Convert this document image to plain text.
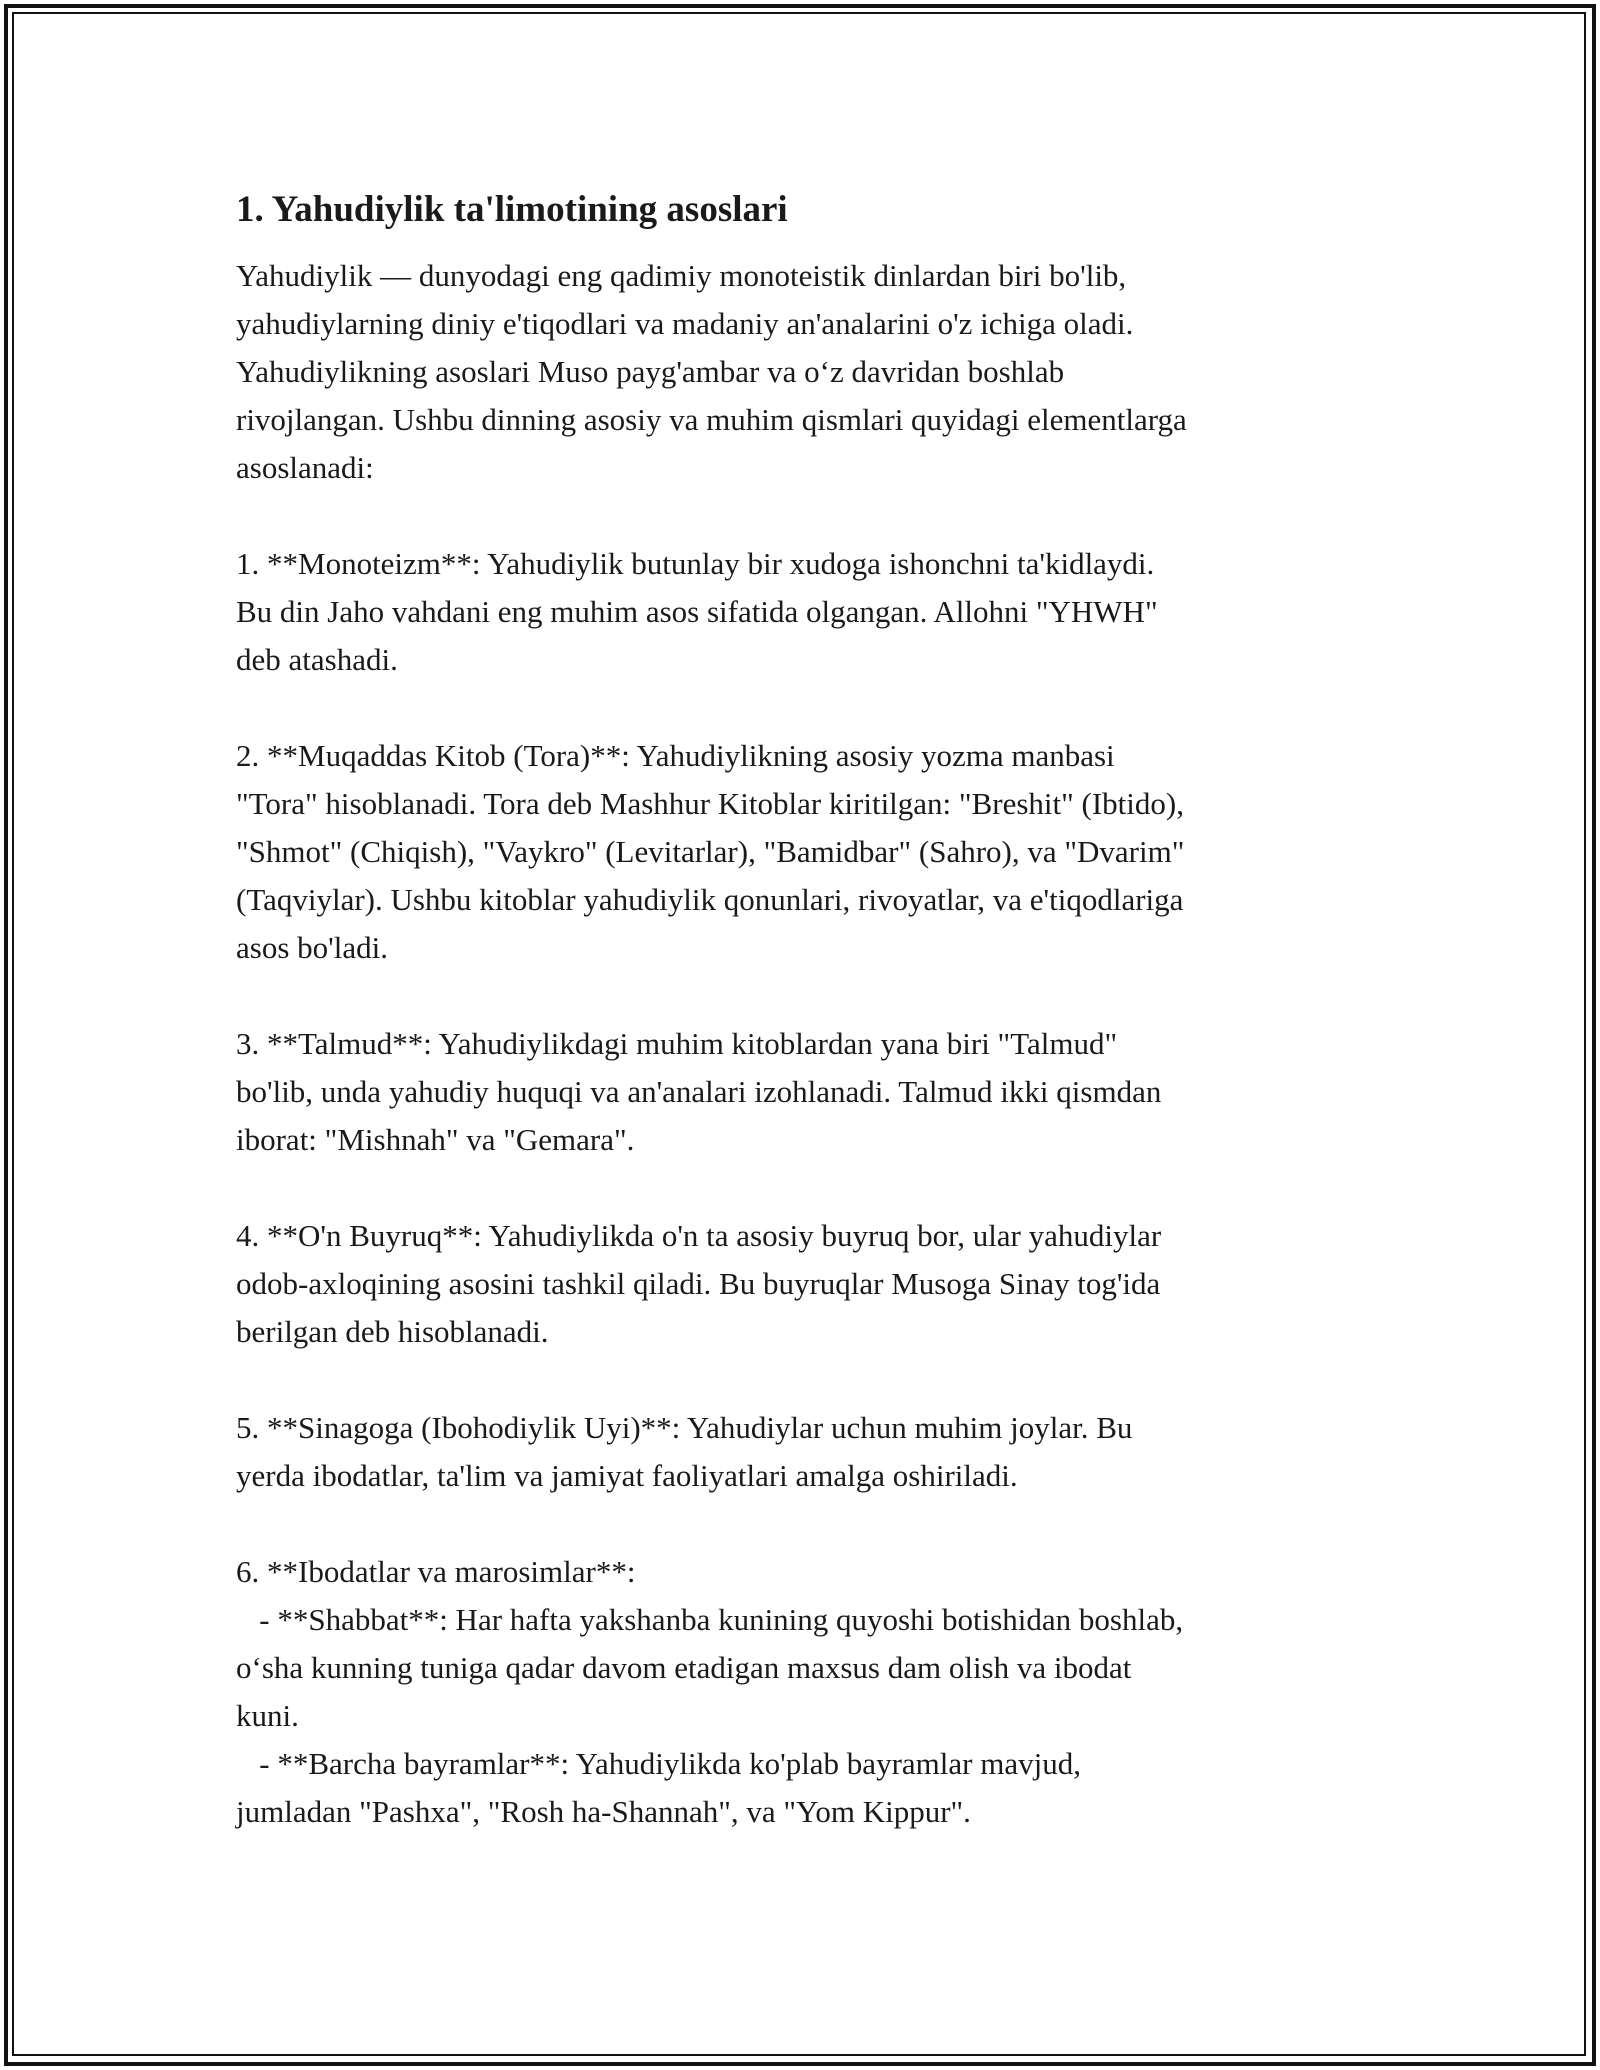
1. Yahudiylik ta'limotining asoslari

Yahudiylik — dunyodagi eng qadimiy monoteistik dinlardan biri bo'lib,
yahudiylarning diniy e'tiqodlari va madaniy an'analarini o'z ichiga oladi.
Yahudiylikning asoslari Muso payg'ambar va o‘z davridan boshlab
rivojlangan. Ushbu dinning asosiy va muhim qismlari quyidagi elementlarga
asoslanadi:

1. **Monoteizm**: Yahudiylik butunlay bir xudoga ishonchni ta'kidlaydi.
Bu din Jaho vahdani eng muhim asos sifatida olgangan. Allohni "YHWH"
deb atashadi.

2. **Muqaddas Kitob (Tora)**: Yahudiylikning asosiy yozma manbasi
"Tora" hisoblanadi. Tora deb Mashhur Kitoblar kiritilgan: "Breshit" (Ibtido),
"Shmot" (Chiqish), "Vaykro" (Levitarlar), "Bamidbar" (Sahro), va "Dvarim"
(Taqviylar). Ushbu kitoblar yahudiylik qonunlari, rivoyatlar, va e'tiqodlariga
asos bo'ladi.

3. **Talmud**: Yahudiylikdagi muhim kitoblardan yana biri "Talmud"
bo'lib, unda yahudiy huquqi va an'analari izohlanadi. Talmud ikki qismdan
iborat: "Mishnah" va "Gemara".

4. **O'n Buyruq**: Yahudiylikda o'n ta asosiy buyruq bor, ular yahudiylar
odob-axloqining asosini tashkil qiladi. Bu buyruqlar Musoga Sinay tog'ida
berilgan deb hisoblanadi.

5. **Sinagoga (Ibohodiylik Uyi)**: Yahudiylar uchun muhim joylar. Bu
yerda ibodatlar, ta'lim va jamiyat faoliyatlari amalga oshiriladi.

6. **Ibodatlar va marosimlar**:
- **Shabbat**: Har hafta yakshanba kunining quyoshi botishidan boshlab,
o‘sha kunning tuniga qadar davom etadigan maxsus dam olish va ibodat
kuni.
- **Barcha bayramlar**: Yahudiylikda ko'plab bayramlar mavjud,
jumladan "Pashxa", "Rosh ha-Shannah", va "Yom Kippur".
